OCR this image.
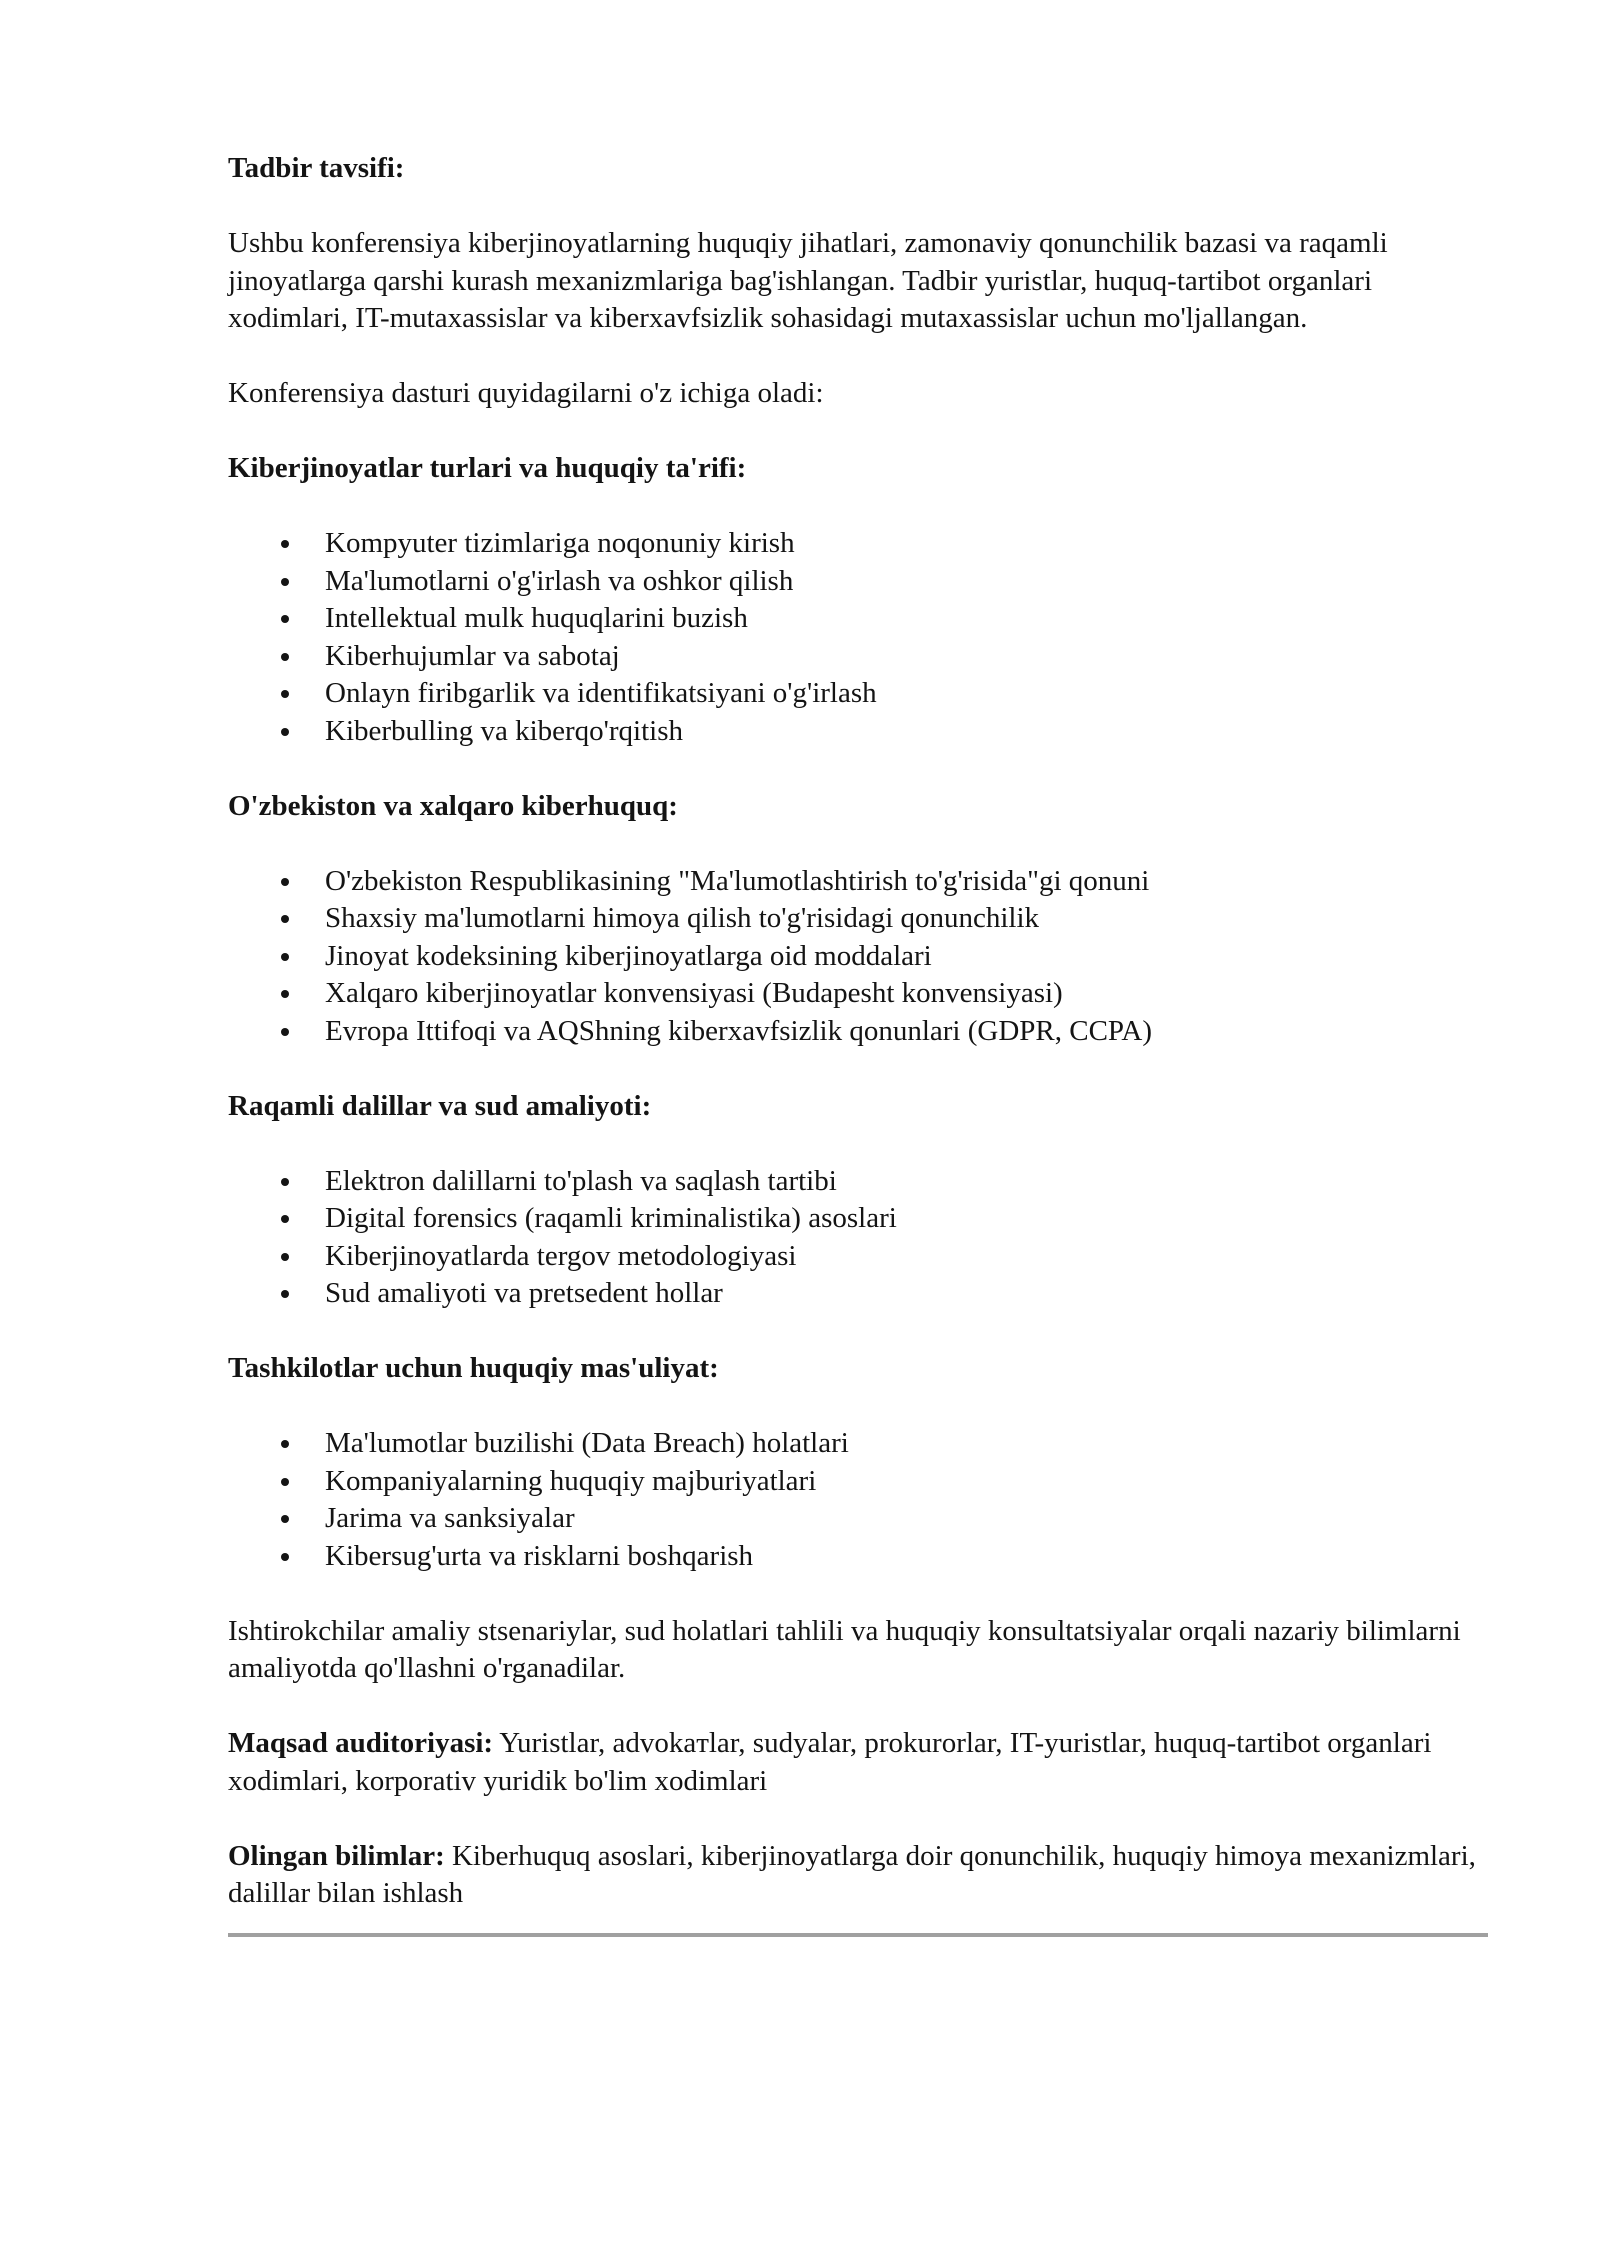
Tadbir tavsifi:

Ushbu konferensiya kiberjinoyatlarning huquqiy jihatlari, zamonaviy qonunchilik bazasi va raqamli jinoyatlarga qarshi kurash mexanizmlariga bag'ishlangan. Tadbir yuristlar, huquq-tartibot organlari xodimlari, IT-mutaxassislar va kiberxavfsizlik sohasidagi mutaxassislar uchun mo'ljallangan.

Konferensiya dasturi quyidagilarni o'z ichiga oladi:

Kiberjinoyatlar turlari va huquqiy ta'rifi:

Kompyuter tizimlariga noqonuniy kirish
Ma'lumotlarni o'g'irlash va oshkor qilish
Intellektual mulk huquqlarini buzish
Kiberhujumlar va sabotaj
Onlayn firibgarlik va identifikatsiyani o'g'irlash
Kiberbulling va kiberqo'rqitish

O'zbekiston va xalqaro kiberhuquq:

O'zbekiston Respublikasining "Ma'lumotlashtirish to'g'risida"gi qonuni
Shaxsiy ma'lumotlarni himoya qilish to'g'risidagi qonunchilik
Jinoyat kodeksining kiberjinoyatlarga oid moddalari
Xalqaro kiberjinoyatlar konvensiyasi (Budapesht konvensiyasi)
Evropa Ittifoqi va AQShning kiberxavfsizlik qonunlari (GDPR, CCPA)

Raqamli dalillar va sud amaliyoti:

Elektron dalillarni to'plash va saqlash tartibi
Digital forensics (raqamli kriminalistika) asoslari
Kiberjinoyatlarda tergov metodologiyasi
Sud amaliyoti va pretsedent hollar

Tashkilotlar uchun huquqiy mas'uliyat:

Ma'lumotlar buzilishi (Data Breach) holatlari
Kompaniyalarning huquqiy majburiyatlari
Jarima va sanksiyalar
Kibersug'urta va risklarni boshqarish

Ishtirokchilar amaliy stsenariylar, sud holatlari tahlili va huquqiy konsultatsiyalar orqali nazariy bilimlarni amaliyotda qo'llashni o'rganadilar.

Maqsad auditoriyasi: Yuristlar, advokaтlar, sudyalar, prokurorlar, IT-yuristlar, huquq-tartibot organlari xodimlari, korporativ yuridik bo'lim xodimlari

Olingan bilimlar: Kiberhuquq asoslari, kiberjinoyatlarga doir qonunchilik, huquqiy himoya mexanizmlari, dalillar bilan ishlash
